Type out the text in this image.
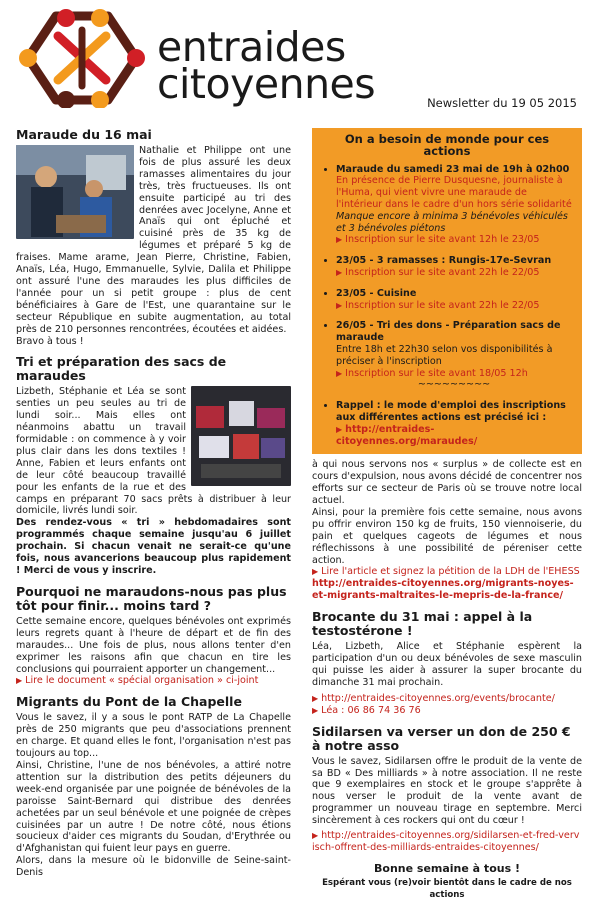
entraides
citoyennes	Newsletter du 19 05 2015
Maraude du 16 mai

Nathalie et Philippe ont une fois de plus assuré les deux ramasses alimentaires du jour très, très fructueuses. Ils ont ensuite participé au tri des denrées avec Jocelyne, Anne et Anaïs qui ont épluché et cuisiné près de 35 kg de légumes et préparé 5 kg de fraises. Mame arame, Jean Pierre, Christine, Fabien, Anaïs, Léa, Hugo, Emmanuelle, Sylvie, Dalila et Philippe ont assuré l'une des maraudes les plus difficiles de l'année pour un si petit groupe : plus de cent bénéficiaires à Gare de l'Est, une quarantaine sur le secteur République en subite augmentation, au total près de 210 personnes rencontrées, écoutées et aidées.

Bravo à tous !

Tri et préparation des sacs de maraudes

Lizbeth, Stéphanie et Léa se sont senties un peu seules au tri de lundi soir... Mais elles ont néanmoins abattu un travail formidable : on commence à y voir plus clair dans les dons textiles ! Anne, Fabien et leurs enfants ont de leur côté beaucoup travaillé pour les enfants de la rue et des camps en préparant 70 sacs prêts à distribuer à leur domicile, livrés lundi soir.

Des rendez-vous « tri » hebdomadaires sont programmés chaque semaine jusqu'au 6 juillet prochain. Si chacun venait ne serait-ce qu'une fois, nous avancerions beaucoup plus rapidement ! Merci de vous y inscrire.

Pourquoi ne maraudons-nous pas plus tôt pour finir... moins tard ?

Cette semaine encore, quelques bénévoles ont exprimés leurs regrets quant à l'heure de départ et de fin des maraudes... Une fois de plus, nous allons tenter d'en exprimer les raisons afin que chacun en tire les conclusions qui pourraient apporter un changement...

▶ Lire le document « spécial organisation » ci-joint

Migrants du Pont de la Chapelle

Vous le savez, il y a sous le pont RATP de La Chapelle près de 250 migrants que peu d'associations prennent en charge. Et quand elles le font, l'organisation n'est pas toujours au top...

Ainsi, Christine, l'une de nos bénévoles, a attiré notre attention sur la distribution des petits déjeuners du week-end organisée par une poignée de bénévoles de la paroisse Saint-Bernard qui distribue des denrées achetées par un seul bénévole et une poignée de crèpes cuisinées par un autre ! De notre côté, nous étions soucieux d'aider ces migrants du Soudan, d'Erythrée ou d'Afghanistan qui fuient leur pays en guerre.

Alors, dans la mesure où le bidonville de Seine-saint-Denis

On a besoin de monde pour ces actions
• Maraude du samedi 23 mai de 19h à 02h00
En présence de Pierre Dusquesne, journaliste à l'Huma, qui vient vivre une maraude de l'intérieur dans le cadre d'un hors série solidarité
Manque encore à minima 3 bénévoles véhiculés et 3 bénévoles piétons
▶ Inscription sur le site avant 12h le 23/05
• 23/05 - 3 ramasses : Rungis-17e-Sevran
▶ Inscription sur le site avant 22h le 22/05
• 23/05 - Cuisine
▶ Inscription sur le site avant 22h le 22/05
• 26/05 - Tri des dons - Préparation sacs de maraude
Entre 18h et 22h30 selon vos disponibilités à préciser à l'inscription
▶ Inscription sur le site avant 18/05 12h

~~~~~~~~~
• Rappel : le mode d'emploi des inscriptions aux différentes actions est précisé ici :
▶ http://entraides-citoyennes.org/maraudes/

à qui nous servons nos « surplus » de collecte est en cours d'expulsion, nous avons décidé de concentrer nos efforts sur ce secteur de Paris où se trouve notre local actuel.

Ainsi, pour la première fois cette semaine, nous avons pu offrir environ 150 kg de fruits, 150 viennoiserie, du pain et quelques cageots de légumes et nous réflechissons à une possibilité de péreniser cette action.

▶ Lire l'article et signez la pétition de la LDH de l'EHESS

http://entraides-citoyennes.org/migrants-noyes-et-migrants-maltraites-le-mepris-de-la-france/

Brocante du 31 mai : appel à la testostérone !

Léa, Lizbeth, Alice et Stéphanie espèrent la participation d'un ou deux bénévoles de sexe masculin qui puisse les aider à assurer la super brocante du dimanche 31 mai prochain.

▶ http://entraides-citoyennes.org/events/brocante/

▶ Léa : 06 86 74 36 76

Sidilarsen va verser un don de 250 € à notre asso

Vous le savez, Sidilarsen offre le produit de la vente de sa BD « Des milliards » à notre association. Il ne reste que 9 exemplaires en stock et le groupe s'apprête à nous verser le produit de la vente avant de programmer un nouveau tirage en septembre. Merci sincèrement à ces rockers qui ont du cœur !

▶ http://entraides-citoyennes.org/sidilarsen-et-fred-vervisch-offrent-des-milliards-entraides-citoyennes/

Bonne semaine à tous !

Espérant vous (re)voir bientôt dans le cadre de nos actions
